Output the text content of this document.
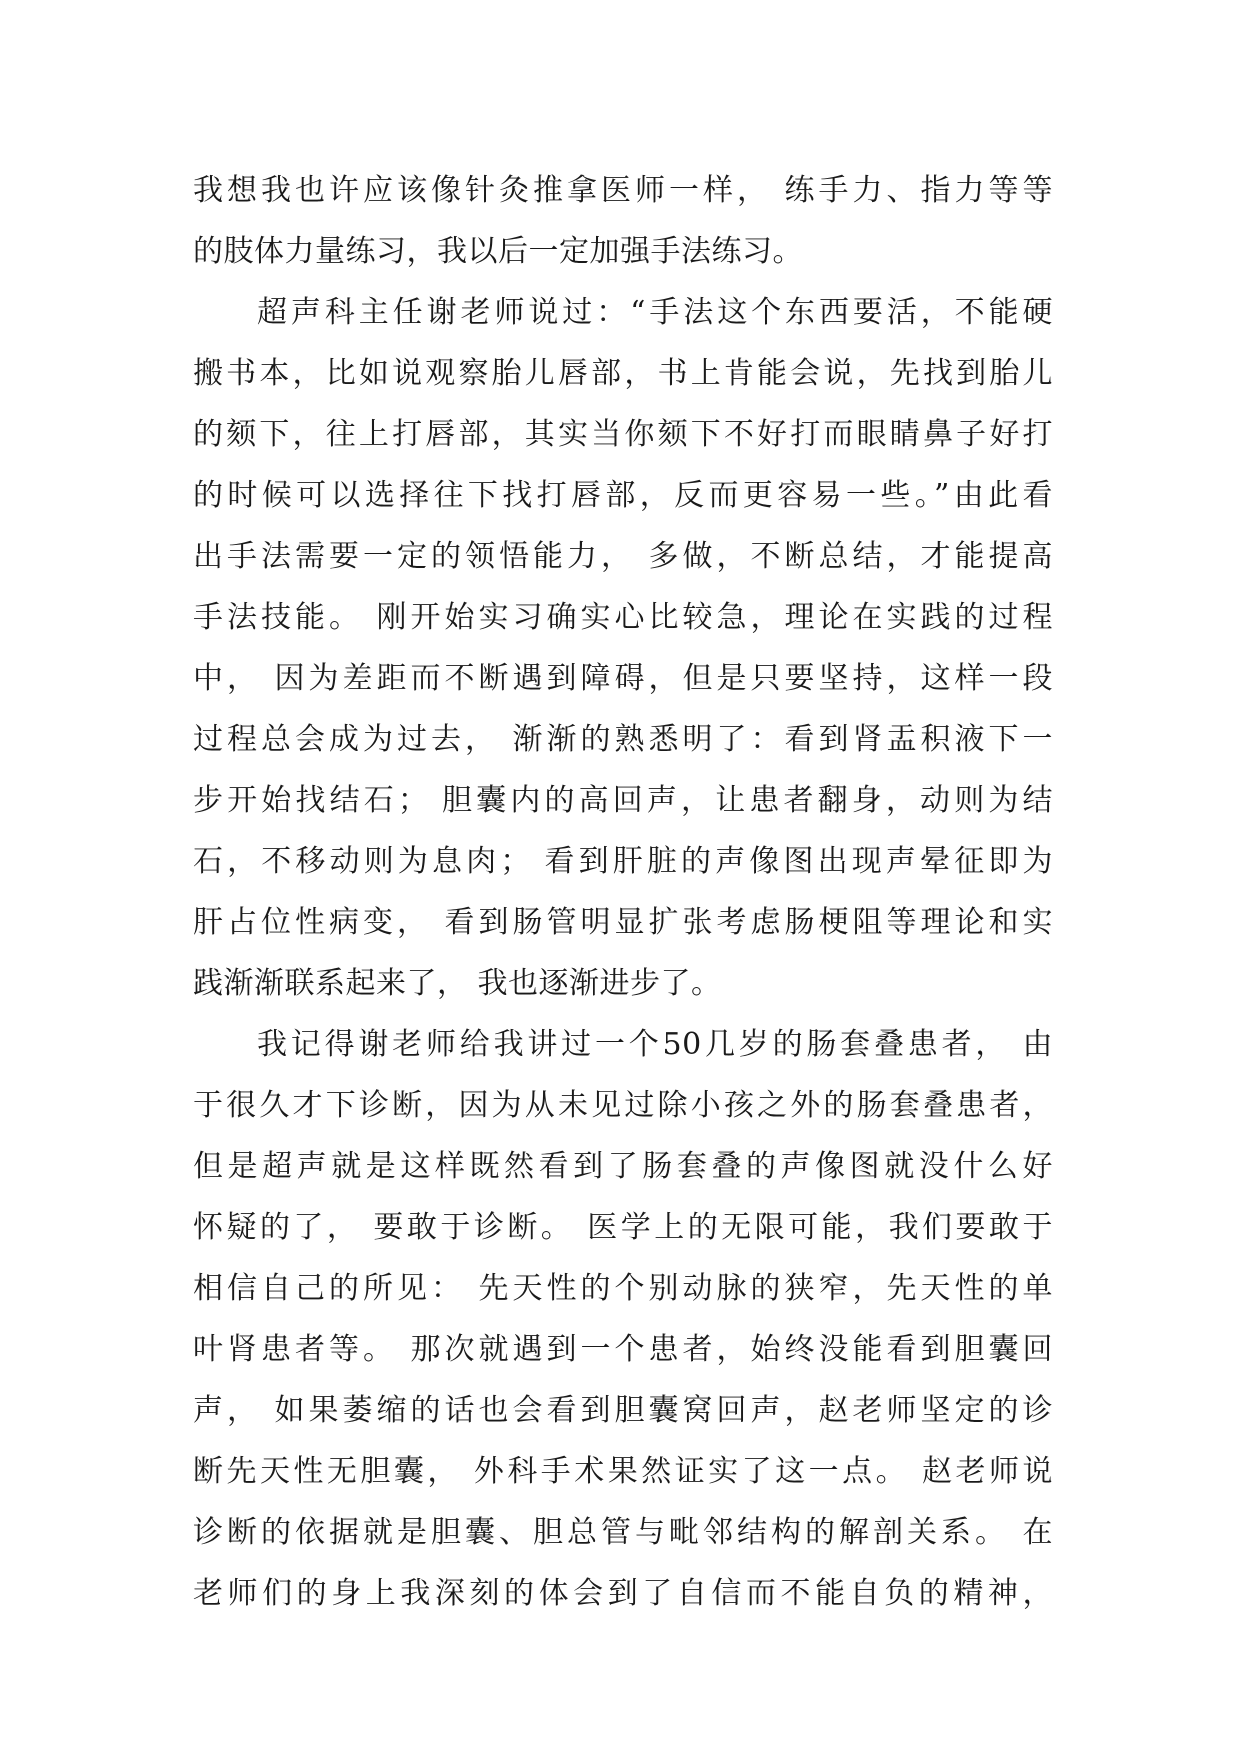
我想我也许应该像针灸推拿医师一样， 练手力、指力等等
的肢体力量练习，我以后一定加强手法练习。
超声科主任谢老师说过：“手法这个东西要活，不能硬
搬书本，比如说观察胎儿唇部，书上肯能会说，先找到胎儿
的颏下，往上打唇部，其实当你颏下不好打而眼睛鼻子好打
的时候可以选择往下找打唇部，反而更容易一些。”由此看
出手法需要一定的领悟能力， 多做，不断总结，才能提高
手法技能。 刚开始实习确实心比较急，理论在实践的过程
中， 因为差距而不断遇到障碍，但是只要坚持，这样一段
过程总会成为过去， 渐渐的熟悉明了：看到肾盂积液下一
步开始找结石； 胆囊内的高回声，让患者翻身，动则为结
石，不移动则为息肉； 看到肝脏的声像图出现声晕征即为
肝占位性病变， 看到肠管明显扩张考虑肠梗阻等理论和实
践渐渐联系起来了， 我也逐渐进步了。
我记得谢老师给我讲过一个50几岁的肠套叠患者， 由
于很久才下诊断，因为从未见过除小孩之外的肠套叠患者，
但是超声就是这样既然看到了肠套叠的声像图就没什么好
怀疑的了， 要敢于诊断。 医学上的无限可能，我们要敢于
相信自己的所见： 先天性的个别动脉的狭窄，先天性的单
叶肾患者等。 那次就遇到一个患者，始终没能看到胆囊回
声， 如果萎缩的话也会看到胆囊窝回声，赵老师坚定的诊
断先天性无胆囊， 外科手术果然证实了这一点。 赵老师说
诊断的依据就是胆囊、胆总管与毗邻结构的解剖关系。 在
老师们的身上我深刻的体会到了自信而不能自负的精神，
